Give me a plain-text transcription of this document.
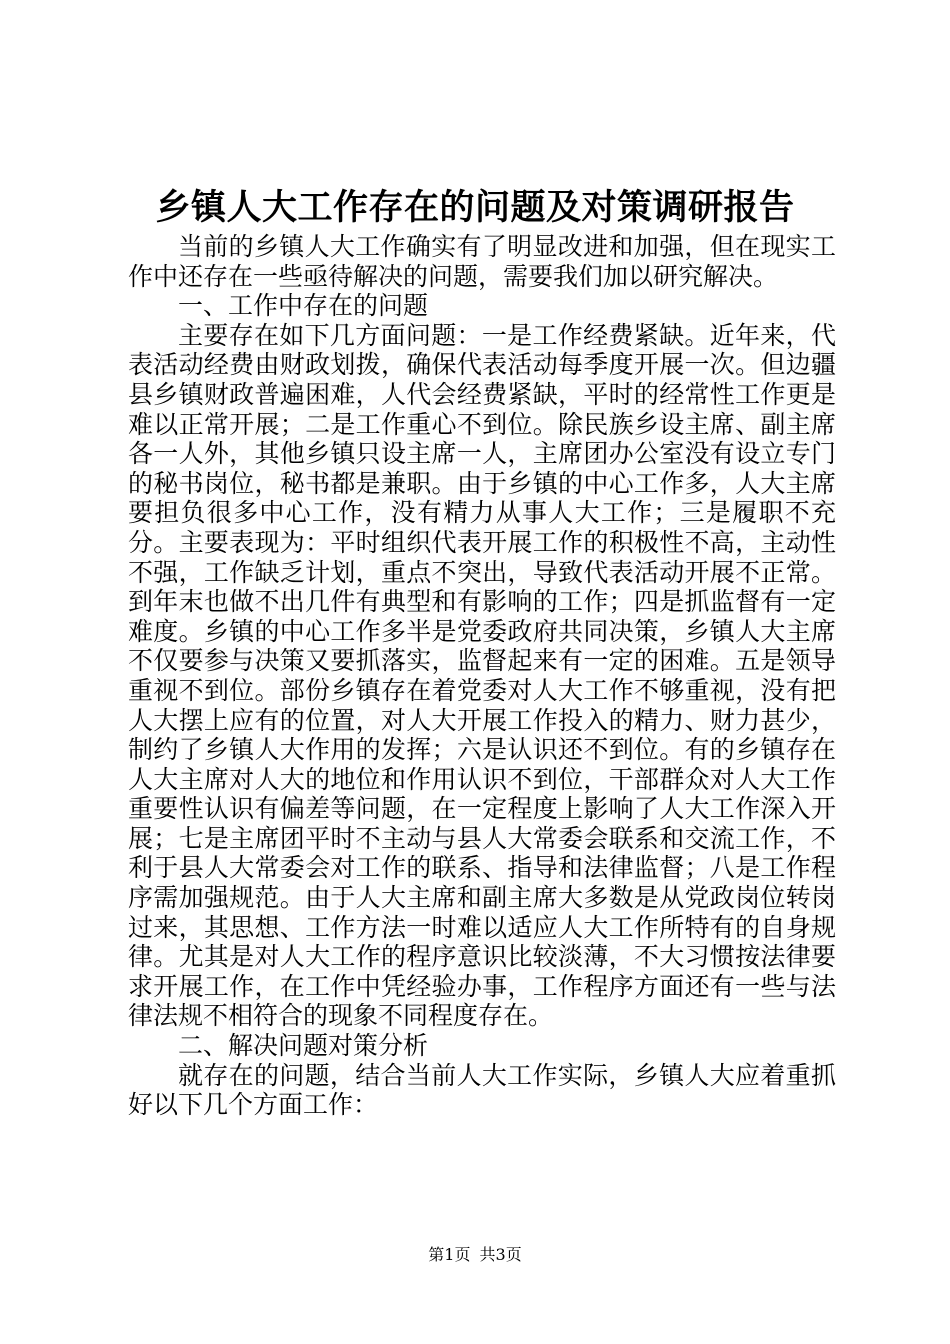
乡镇人大工作存在的问题及对策调研报告

当前的乡镇人大工作确实有了明显改进和加强，但在现实工作中还存在一些亟待解决的问题，需要我们加以研究解决。

一、工作中存在的问题

主要存在如下几方面问题：一是工作经费紧缺。近年来，代表活动经费由财政划拨，确保代表活动每季度开展一次。但边疆县乡镇财政普遍困难，人代会经费紧缺，平时的经常性工作更是难以正常开展；二是工作重心不到位。除民族乡设主席、副主席各一人外，其他乡镇只设主席一人，主席团办公室没有设立专门的秘书岗位，秘书都是兼职。由于乡镇的中心工作多，人大主席要担负很多中心工作，没有精力从事人大工作；三是履职不充分。主要表现为：平时组织代表开展工作的积极性不高，主动性不强，工作缺乏计划，重点不突出，导致代表活动开展不正常。到年末也做不出几件有典型和有影响的工作；四是抓监督有一定难度。乡镇的中心工作多半是党委政府共同决策，乡镇人大主席不仅要参与决策又要抓落实，监督起来有一定的困难。五是领导重视不到位。部份乡镇存在着党委对人大工作不够重视，没有把人大摆上应有的位置，对人大开展工作投入的精力、财力甚少，制约了乡镇人大作用的发挥；六是认识还不到位。有的乡镇存在人大主席对人大的地位和作用认识不到位，干部群众对人大工作重要性认识有偏差等问题，在一定程度上影响了人大工作深入开展；七是主席团平时不主动与县人大常委会联系和交流工作，不利于县人大常委会对工作的联系、指导和法律监督；八是工作程序需加强规范。由于人大主席和副主席大多数是从党政岗位转岗过来，其思想、工作方法一时难以适应人大工作所特有的自身规律。尤其是对人大工作的程序意识比较淡薄，不大习惯按法律要求开展工作，在工作中凭经验办事，工作程序方面还有一些与法律法规不相符合的现象不同程度存在。

二、解决问题对策分析

就存在的问题，结合当前人大工作实际，乡镇人大应着重抓好以下几个方面工作：

第1页 共3页
